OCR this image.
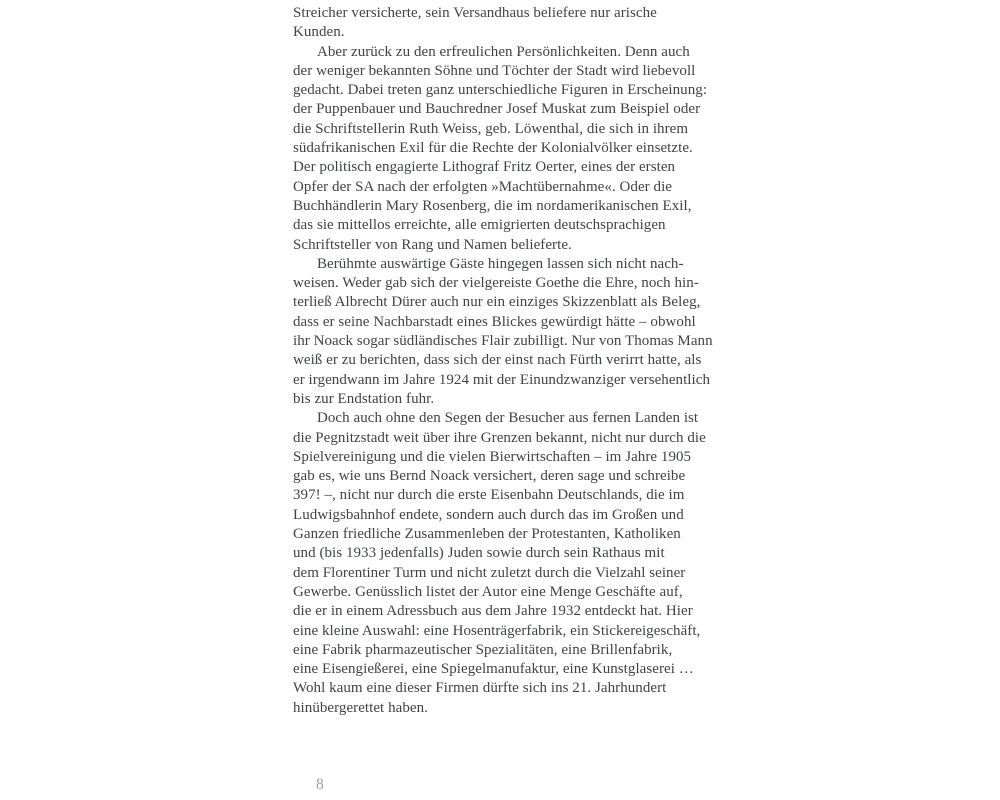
Streicher versicherte, sein Versandhaus beliefere nur arische
Kunden.
Aber zurück zu den erfreulichen Persönlichkeiten. Denn auch
der weniger bekannten Söhne und Töchter der Stadt wird liebevoll
gedacht. Dabei treten ganz unterschiedliche Figuren in Erscheinung:
der Puppenbauer und Bauchredner Josef Muskat zum Beispiel oder
die Schriftstellerin Ruth Weiss, geb. Löwenthal, die sich in ihrem
südafrikanischen Exil für die Rechte der Kolonialvölker einsetzte.
Der politisch engagierte Lithograf Fritz Oerter, eines der ersten
Opfer der SA nach der erfolgten »Machtübernahme«. Oder die
Buchhändlerin Mary Rosenberg, die im nordamerikanischen Exil,
das sie mittellos erreichte, alle emigrierten deutschsprachigen
Schriftsteller von Rang und Namen belieferte.
Berühmte auswärtige Gäste hingegen lassen sich nicht nach-
weisen. Weder gab sich der vielgereiste Goethe die Ehre, noch hin-
terließ Albrecht Dürer auch nur ein einziges Skizzenblatt als Beleg,
dass er seine Nachbarstadt eines Blickes gewürdigt hätte – obwohl
ihr Noack sogar südländisches Flair zubilligt. Nur von Thomas Mann
weiß er zu berichten, dass sich der einst nach Fürth verirrt hatte, als
er irgendwann im Jahre 1924 mit der Einundzwanziger versehentlich
bis zur Endstation fuhr.
Doch auch ohne den Segen der Besucher aus fernen Landen ist
die Pegnitzstadt weit über ihre Grenzen bekannt, nicht nur durch die
Spielvereinigung und die vielen Bierwirtschaften – im Jahre 1905
gab es, wie uns Bernd Noack versichert, deren sage und schreibe
397! –, nicht nur durch die erste Eisenbahn Deutschlands, die im
Ludwigsbahnhof endete, sondern auch durch das im Großen und
Ganzen friedliche Zusammenleben der Protestanten, Katholiken
und (bis 1933 jedenfalls) Juden sowie durch sein Rathaus mit
dem Florentiner Turm und nicht zuletzt durch die Vielzahl seiner
Gewerbe. Genüsslich listet der Autor eine Menge Geschäfte auf,
die er in einem Adressbuch aus dem Jahre 1932 entdeckt hat. Hier
eine kleine Auswahl: eine Hosenträgerfabrik, ein Stickereigeschäft,
eine Fabrik pharmazeutischer Spezialitäten, eine Brillenfabrik,
eine Eisengießerei, eine Spiegelmanufaktur, eine Kunstglaserei …
Wohl kaum eine dieser Firmen dürfte sich ins 21. Jahrhundert
hinübergerettet haben.
8
